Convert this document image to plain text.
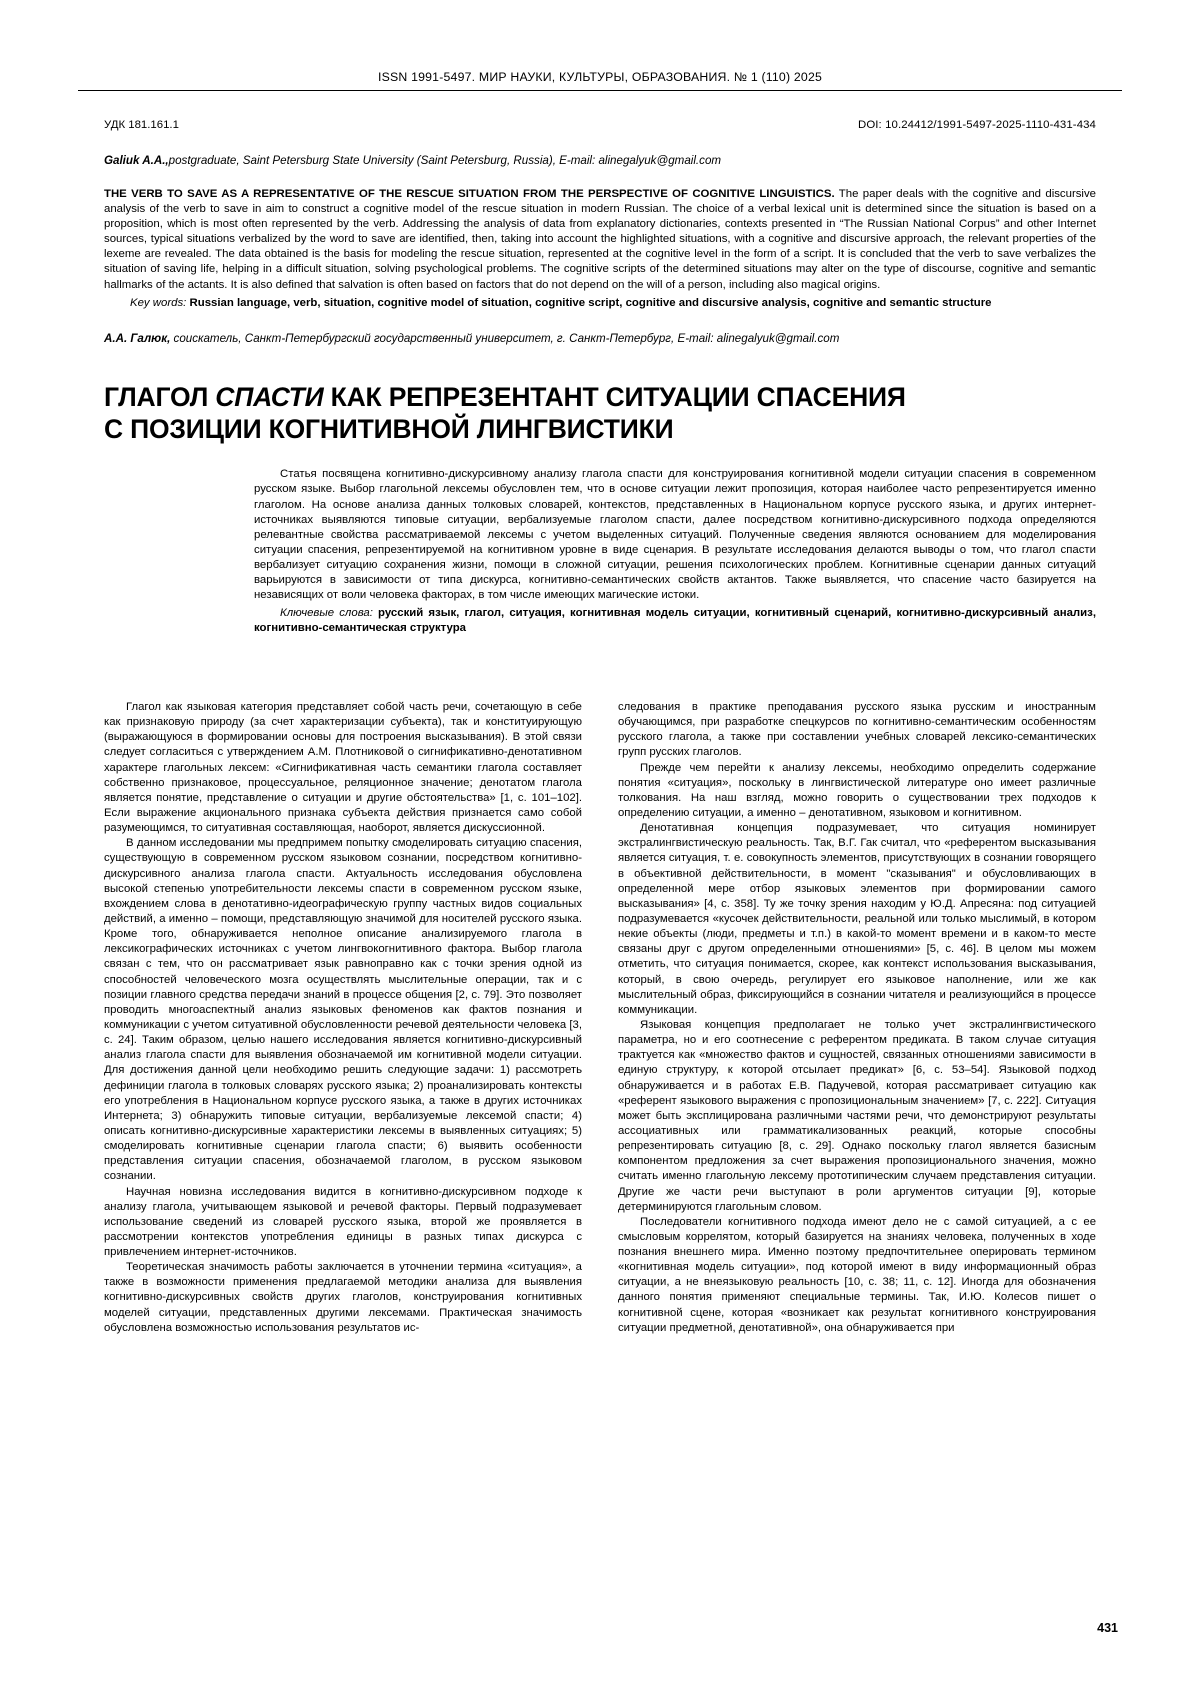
ISSN 1991-5497. МИР НАУКИ, КУЛЬТУРЫ, ОБРАЗОВАНИЯ. № 1 (110) 2025
УДК 181.161.1	DOI: 10.24412/1991-5497-2025-1110-431-434
Galiuk A.A.,postgraduate, Saint Petersburg State University (Saint Petersburg, Russia), E-mail: alinegalyuk@gmail.com
THE VERB TO SAVE AS A REPRESENTATIVE OF THE RESCUE SITUATION FROM THE PERSPECTIVE OF COGNITIVE LINGUISTICS. The paper deals with the cognitive and discursive analysis of the verb to save in aim to construct a cognitive model of the rescue situation in modern Russian. The choice of a verbal lexical unit is determined since the situation is based on a proposition, which is most often represented by the verb. Addressing the analysis of data from explanatory dictionaries, contexts presented in “The Russian National Corpus” and other Internet sources, typical situations verbalized by the word to save are identified, then, taking into account the highlighted situations, with a cognitive and discursive approach, the relevant properties of the lexeme are revealed. The data obtained is the basis for modeling the rescue situation, represented at the cognitive level in the form of a script. It is concluded that the verb to save verbalizes the situation of saving life, helping in a difficult situation, solving psychological problems. The cognitive scripts of the determined situations may alter on the type of discourse, cognitive and semantic hallmarks of the actants. It is also defined that salvation is often based on factors that do not depend on the will of a person, including also magical origins.
Key words: Russian language, verb, situation, cognitive model of situation, cognitive script, cognitive and discursive analysis, cognitive and semantic structure
А.А. Галюк, соискатель, Санкт-Петербургский государственный университет, г. Санкт-Петербург, E-mail: alinegalyuk@gmail.com
ГЛАГОЛ СПАСТИ КАК РЕПРЕЗЕНТАНТ СИТУАЦИИ СПАСЕНИЯ
С ПОЗИЦИИ КОГНИТИВНОЙ ЛИНГВИСТИКИ

Статья посвящена когнитивно-дискурсивному анализу глагола спасти для конструирования когнитивной модели ситуации спасения в современном русском языке. Выбор глагольной лексемы обусловлен тем, что в основе ситуации лежит пропозиция, которая наиболее часто репрезентируется именно глаголом. На основе анализа данных толковых словарей, контекстов, представленных в Национальном корпусе русского языка, и других интернет-источниках выявляются типовые ситуации, вербализуемые глаголом спасти, далее посредством когнитивно-дискурсивного подхода определяются релевантные свойства рассматриваемой лексемы с учетом выделенных ситуаций. Полученные сведения являются основанием для моделирования ситуации спасения, репрезентируемой на когнитивном уровне в виде сценария. В результате исследования делаются выводы о том, что глагол спасти вербализует ситуацию сохранения жизни, помощи в сложной ситуации, решения психологических проблем. Когнитивные сценарии данных ситуаций варьируются в зависимости от типа дискурса, когнитивно-семантических свойств актантов. Также выявляется, что спасение часто базируется на независящих от воли человека факторах, в том числе имеющих магические истоки.

Ключевые слова: русский язык, глагол, ситуация, когнитивная модель ситуации, когнитивный сценарий, когнитивно-дискурсивный анализ, когнитивно-семантическая структура

Глагол как языковая категория представляет собой часть речи, сочетающую в себе как признаковую природу (за счет характеризации субъекта), так и конституирующую (выражающуюся в формировании основы для построения высказывания). В этой связи следует согласиться с утверждением А.М. Плотниковой о сигнификативно-денотативном характере глагольных лексем: «Сигнификативная часть семантики глагола составляет собственно признаковое, процессуальное, реляционное значение; денотатом глагола является понятие, представление о ситуации и другие обстоятельства» [1, с. 101–102]. Если выражение акционального признака субъекта действия признается само собой разумеющимся, то ситуативная составляющая, наоборот, является дискуссионной.

В данном исследовании мы предпримем попытку смоделировать ситуацию спасения, существующую в современном русском языковом сознании, посредством когнитивно-дискурсивного анализа глагола спасти. Актуальность исследования обусловлена высокой степенью употребительности лексемы спасти в современном русском языке, вхождением слова в денотативно-идеографическую группу частных видов социальных действий, а именно – помощи, представляющую значимой для носителей русского языка. Кроме того, обнаруживается неполное описание анализируемого глагола в лексикографических источниках с учетом лингвокогнитивного фактора. Выбор глагола связан с тем, что он рассматривает язык равноправно как с точки зрения одной из способностей человеческого мозга осуществлять мыслительные операции, так и с позиции главного средства передачи знаний в процессе общения [2, с. 79]. Это позволяет проводить многоаспектный анализ языковых феноменов как фактов познания и коммуникации с учетом ситуативной обусловленности речевой деятельности человека [3, с. 24]. Таким образом, целью нашего исследования является когнитивно-дискурсивный анализ глагола спасти для выявления обозначаемой им когнитивной модели ситуации. Для достижения данной цели необходимо решить следующие задачи: 1) рассмотреть дефиниции глагола в толковых словарях русского языка; 2) проанализировать контексты его употребления в Национальном корпусе русского языка, а также в других источниках Интернета; 3) обнаружить типовые ситуации, вербализуемые лексемой спасти; 4) описать когнитивно-дискурсивные характеристики лексемы в выявленных ситуациях; 5) смоделировать когнитивные сценарии глагола спасти; 6) выявить особенности представления ситуации спасения, обозначаемой глаголом, в русском языковом сознании.

Научная новизна исследования видится в когнитивно-дискурсивном подходе к анализу глагола, учитывающем языковой и речевой факторы. Первый подразумевает использование сведений из словарей русского языка, второй же проявляется в рассмотрении контекстов употребления единицы в разных типах дискурса с привлечением интернет-источников.

Теоретическая значимость работы заключается в уточнении термина «ситуация», а также в возможности применения предлагаемой методики анализа для выявления когнитивно-дискурсивных свойств других глаголов, конструирования когнитивных моделей ситуации, представленных другими лексемами. Практическая значимость обусловлена возможностью использования результатов ис-

следования в практике преподавания русского языка русским и иностранным обучающимся, при разработке спецкурсов по когнитивно-семантическим особенностям русского глагола, а также при составлении учебных словарей лексико-семантических групп русских глаголов.

Прежде чем перейти к анализу лексемы, необходимо определить содержание понятия «ситуация», поскольку в лингвистической литературе оно имеет различные толкования. На наш взгляд, можно говорить о существовании трех подходов к определению ситуации, а именно – денотативном, языковом и когнитивном.

Денотативная концепция подразумевает, что ситуация номинирует экстралингвистическую реальность. Так, В.Г. Гак считал, что «референтом высказывания является ситуация, т. е. совокупность элементов, присутствующих в сознании говорящего в объективной действительности, в момент "сказывания" и обусловливающих в определенной мере отбор языковых элементов при формировании самого высказывания» [4, с. 358]. Ту же точку зрения находим у Ю.Д. Апресяна: под ситуацией подразумевается «кусочек действительности, реальной или только мыслимый, в котором некие объекты (люди, предметы и т.п.) в какой-то момент времени и в каком-то месте связаны друг с другом определенными отношениями» [5, с. 46]. В целом мы можем отметить, что ситуация понимается, скорее, как контекст использования высказывания, который, в свою очередь, регулирует его языковое наполнение, или же как мыслительный образ, фиксирующийся в сознании читателя и реализующийся в процессе коммуникации.

Языковая концепция предполагает не только учет экстралингвистического параметра, но и его соотнесение с референтом предиката. В таком случае ситуация трактуется как «множество фактов и сущностей, связанных отношениями зависимости в единую структуру, к которой отсылает предикат» [6, с. 53–54]. Языковой подход обнаруживается и в работах Е.В. Падучевой, которая рассматривает ситуацию как «референт языкового выражения с пропозициональным значением» [7, с. 222]. Ситуация может быть эксплицирована различными частями речи, что демонстрируют результаты ассоциативных или грамматикализованных реакций, которые способны репрезентировать ситуацию [8, с. 29]. Однако поскольку глагол является базисным компонентом предложения за счет выражения пропозиционального значения, можно считать именно глагольную лексему прототипическим случаем представления ситуации. Другие же части речи выступают в роли аргументов ситуации [9], которые детерминируются глагольным словом.

Последователи когнитивного подхода имеют дело не с самой ситуацией, а с ее смысловым коррелятом, который базируется на знаниях человека, полученных в ходе познания внешнего мира. Именно поэтому предпочтительнее оперировать термином «когнитивная модель ситуации», под которой имеют в виду информационный образ ситуации, а не внеязыковую реальность [10, с. 38; 11, с. 12]. Иногда для обозначения данного понятия применяют специальные термины. Так, И.Ю. Колесов пишет о когнитивной сцене, которая «возникает как результат когнитивного конструирования ситуации предметной, денотативной», она обнаруживается при

431
